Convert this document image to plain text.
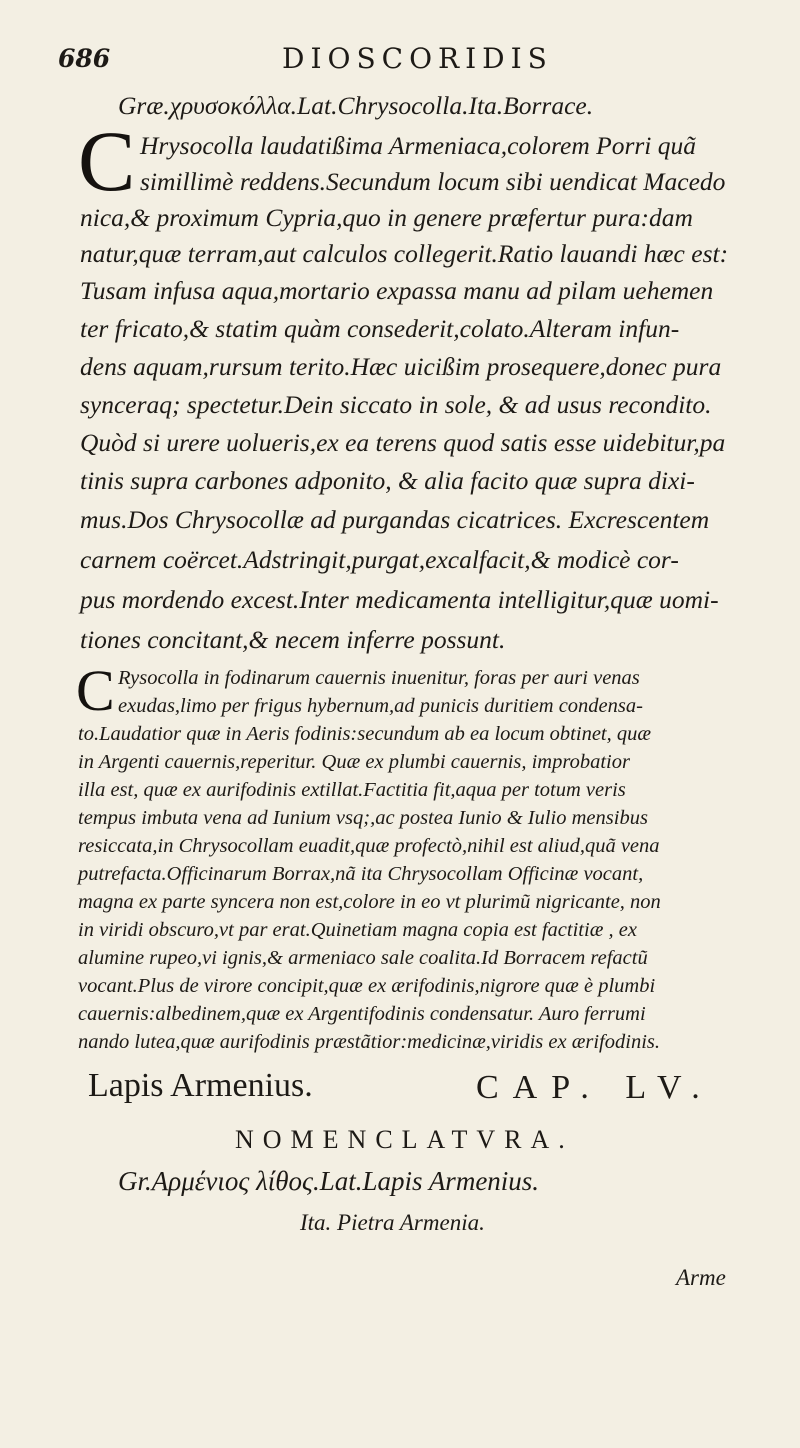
686	DIOSCORIDIS
Græ.χρυσοκόλλα.Lat.Chrysocolla.Ita.Borrace.
C Hrysocolla laudatißima Armeniaca,colorem Porri quã
simillimè reddens.Secundum locum sibi uendicat Macedo
nica,& proximum Cypria,quo in genere præfertur pura:dam
natur,quæ terram,aut calculos collegerit.Ratio lauandi hæc est:
Tusam infusa aqua,mortario expassa manu ad pilam uehemen
ter fricato,& statim quàm consederit,colato.Alteram infun-
dens aquam,rursum terito.Hæc uicißim prosequere,donec pura
synceraq; spectetur.Dein siccato in sole, & ad usus recondito.
Quòd si urere uolueris,ex ea terens quod satis esse uidebitur,pa
tinis supra carbones adponito, & alia facito quæ supra dixi-
mus.Dos Chrysocollæ ad purgandas cicatrices. Excrescentem
carnem coërcet.Adstringit,purgat,excalfacit,& modicè cor-
pus mordendo excest.Inter medicamenta intelligitur,quæ uomi-
tiones concitant,& necem inferre possunt.
C Rysocolla in fodinarum cauernis inuenitur, foras per auri venas
exudas,limo per frigus hybernum,ad punicis duritiem condensa-
to.Laudatior quæ in Aeris fodinis:secundum ab ea locum obtinet, quæ
in Argenti cauernis,reperitur. Quæ ex plumbi cauernis, improbatior
illa est, quæ ex aurifodinis extillat.Factitia fit,aqua per totum veris
tempus imbuta vena ad Iunium vsq;,ac postea Iunio & Iulio mensibus
resiccata,in Chrysocollam euadit,quæ profectò,nihil est aliud,quã vena
putrefacta.Officinarum Borrax,nã ita Chrysocollam Officinæ vocant,
magna ex parte syncera non est,colore in eo vt plurimũ nigricante, non
in viridi obscuro,vt par erat.Quinetiam magna copia est factitiæ , ex
alumine rupeo,vi ignis,& armeniaco sale coalita.Id Borracem refactũ
vocant.Plus de virore concipit,quæ ex ærifodinis,nigrore quæ è plumbi
cauernis:albedinem,quæ ex Argentifodinis condensatur. Auro ferrumi
nando lutea,quæ aurifodinis præstãtior:medicinæ,viridis ex ærifodinis.
Lapis Armenius.	CAP. LV.
NOMENCLATVRA.
Gr.Αρμένιος λίθος.Lat.Lapis Armenius.
Ita. Pietra Armenia.
Arme
